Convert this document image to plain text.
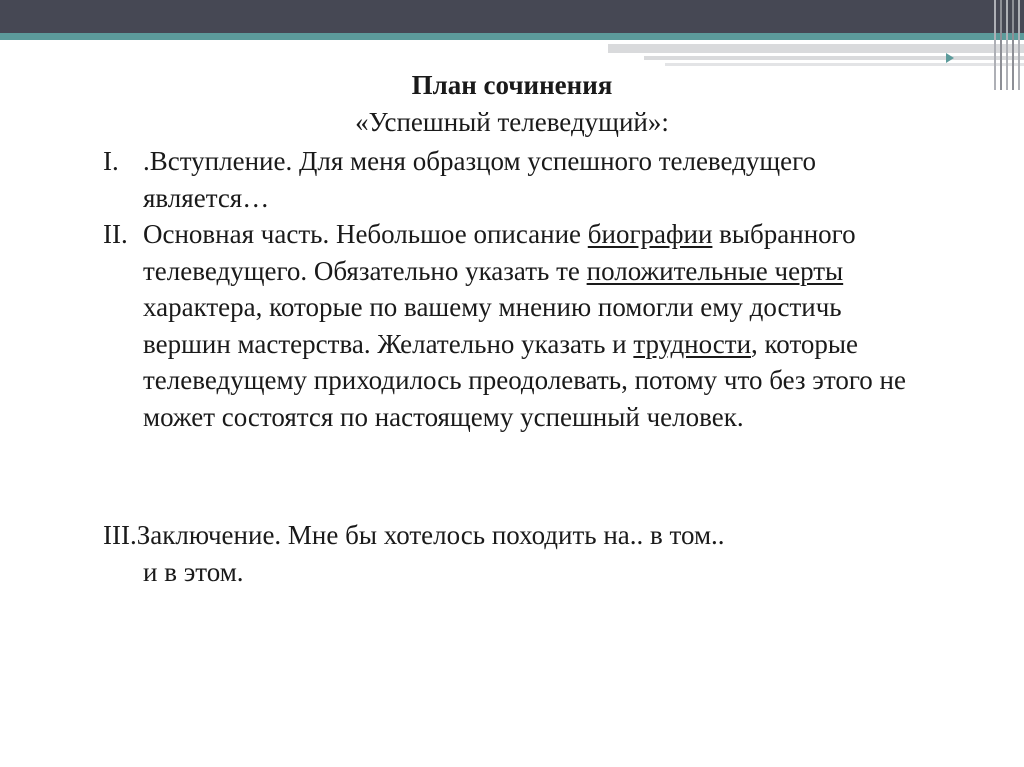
План сочинения
«Успешный телеведущий»:
I. .Вступление. Для меня образцом успешного телеведущего является…
II. Основная часть. Небольшое описание биографии выбранного телеведущего. Обязательно указать те положительные черты характера, которые по вашему мнению помогли ему достичь вершин мастерства. Желательно указать и трудности, которые телеведущему приходилось преодолевать, потому что без этого не может состоятся по настоящему успешный человек.
III.Заключение. Мне бы хотелось походить на.. в том..
и в этом.
